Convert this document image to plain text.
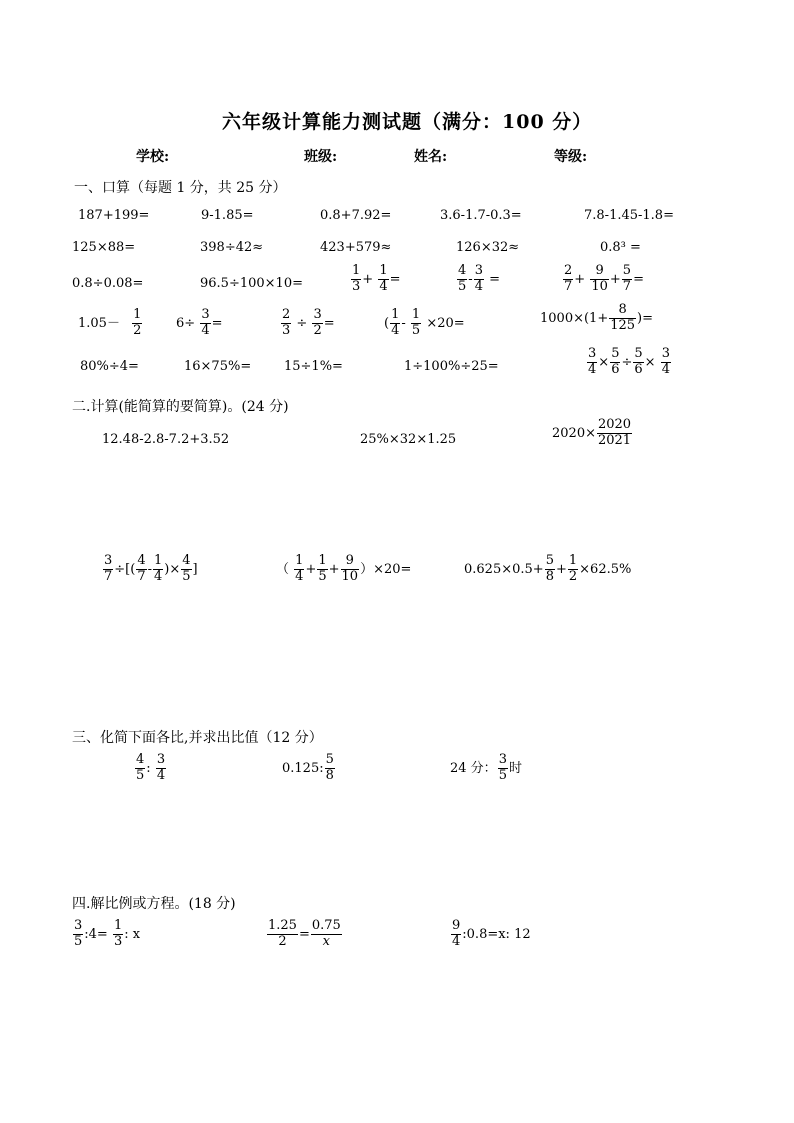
六年级计算能力测试题（满分：100 分）
学校:	班级:	姓名:	等级:
一、口算（每题 1 分，共 25 分）
187+199=	9-1.85=	0.8+7.92=	3.6-1.7-0.3=	7.8-1.45-1.8=
125×88=	398÷42≈	423+579≈	126×32≈	0.8³ =
0.8÷0.08=	96.5÷100×10=	$\frac{1}{3} + \frac{1}{4}$ =	$\frac{4}{5} - \frac{3}{4}$ =	$\frac{2}{7} + \frac{9}{10} + \frac{5}{7}$ =
$1.05- \frac{1}{2}$	$6\div \frac{3}{4}$ =	$\frac{2}{3} \div \frac{3}{2}$ =	( $\frac{1}{4} - \frac{1}{5} \times 20=$	$1000\times(1+ \frac{8}{125}$ )=
80%÷4=	16×75%=	15÷1%=	1÷100%÷25=	$\frac{3}{4} \times \frac{5}{6} \div \frac{5}{6} \times \frac{3}{4}$
二.计算(能简算的要简算)。(24 分)
12.48-2.8-7.2+3.52	25%×32×1.25	$2020\times \frac{2020}{2021}$
$\frac{3}{7}$ ÷[( $\frac{4}{7} - \frac{1}{4}$ )× $\frac{4}{5}$ ]	（ $\frac{1}{4} + \frac{1}{5} + \frac{9}{10} )\times 20=$	$0.625\times 0.5+ \frac{5}{8} + \frac{1}{2} \times 62.5\%$
三、化简下面各比,并求出比值（12 分）
$\frac{4}{5}$ : $\frac{3}{4}$	0.125: $\frac{5}{8}$	24 分： $\frac{3}{5}$ 时
四.解比例或方程。(18 分)
$\frac{3}{5}$ :4= $\frac{1}{3}$ : x	$\frac{1.25}{2} = \frac{0.75}{x}$	$\frac{9}{4}$ :0.8=x: 12
